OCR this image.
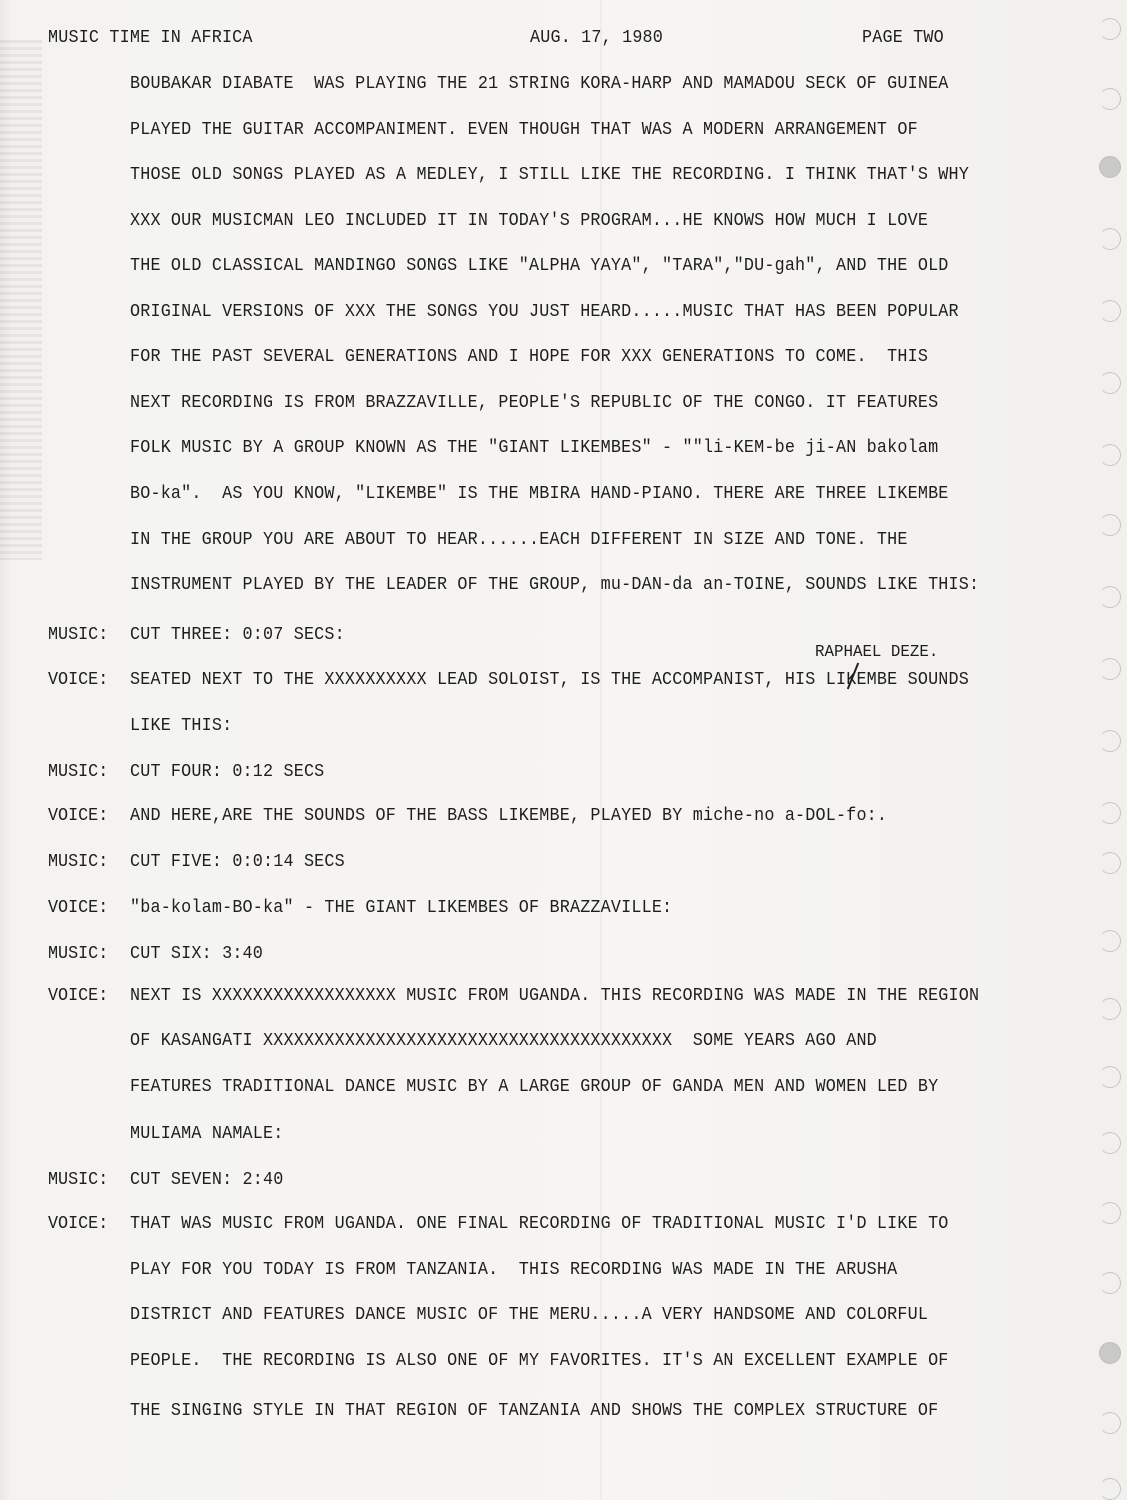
MUSIC TIME IN AFRICA	AUG. 17, 1980	PAGE TWO
BOUBAKAR DIABATE  WAS PLAYING THE 21 STRING KORA-HARP AND MAMADOU SECK OF GUINEA
PLAYED THE GUITAR ACCOMPANIMENT. EVEN THOUGH THAT WAS A MODERN ARRANGEMENT OF
THOSE OLD SONGS PLAYED AS A MEDLEY, I STILL LIKE THE RECORDING. I THINK THAT'S WHY
XXX OUR MUSICMAN LEO INCLUDED IT IN TODAY'S PROGRAM...HE KNOWS HOW MUCH I LOVE
THE OLD CLASSICAL MANDINGO SONGS LIKE "ALPHA YAYA", "TARA","DU-gah", AND THE OLD
ORIGINAL VERSIONS OF XXX THE SONGS YOU JUST HEARD.....MUSIC THAT HAS BEEN POPULAR
FOR THE PAST SEVERAL GENERATIONS AND I HOPE FOR XXX GENERATIONS TO COME.  THIS
NEXT RECORDING IS FROM BRAZZAVILLE, PEOPLE'S REPUBLIC OF THE CONGO. IT FEATURES
FOLK MUSIC BY A GROUP KNOWN AS THE "GIANT LIKEMBES" - ""li-KEM-be ji-AN bakolam
BO-ka".  AS YOU KNOW, "LIKEMBE" IS THE MBIRA HAND-PIANO. THERE ARE THREE LIKEMBE
IN THE GROUP YOU ARE ABOUT TO HEAR......EACH DIFFERENT IN SIZE AND TONE. THE
INSTRUMENT PLAYED BY THE LEADER OF THE GROUP, mu-DAN-da an-TOINE, SOUNDS LIKE THIS:
MUSIC: CUT THREE: 0:07 SECS:
RAPHAEL DEZE.
VOICE: SEATED NEXT TO THE XXXXXXXXXX LEAD SOLOIST, IS THE ACCOMPANIST, HIS LIKEMBE SOUNDS
LIKE THIS:
MUSIC: CUT FOUR: 0:12 SECS
VOICE: AND HERE,ARE THE SOUNDS OF THE BASS LIKEMBE, PLAYED BY miche-no a-DOL-fo:.
MUSIC: CUT FIVE: 0:0:14 SECS
VOICE: "ba-kolam-BO-ka" - THE GIANT LIKEMBES OF BRAZZAVILLE:
MUSIC: CUT SIX: 3:40
VOICE: NEXT IS XXXXXXXXXXXXXXXXXX MUSIC FROM UGANDA. THIS RECORDING WAS MADE IN THE REGION
OF KASANGATI XXXXXXXXXXXXXXXXXXXXXXXXXXXXXXXXXXXXXXXX  SOME YEARS AGO AND
FEATURES TRADITIONAL DANCE MUSIC BY A LARGE GROUP OF GANDA MEN AND WOMEN LED BY
MULIAMA NAMALE:
MUSIC: CUT SEVEN: 2:40
VOICE: THAT WAS MUSIC FROM UGANDA. ONE FINAL RECORDING OF TRADITIONAL MUSIC I'D LIKE TO
PLAY FOR YOU TODAY IS FROM TANZANIA.  THIS RECORDING WAS MADE IN THE ARUSHA
DISTRICT AND FEATURES DANCE MUSIC OF THE MERU.....A VERY HANDSOME AND COLORFUL
PEOPLE.  THE RECORDING IS ALSO ONE OF MY FAVORITES. IT'S AN EXCELLENT EXAMPLE OF
THE SINGING STYLE IN THAT REGION OF TANZANIA AND SHOWS THE COMPLEX STRUCTURE OF
